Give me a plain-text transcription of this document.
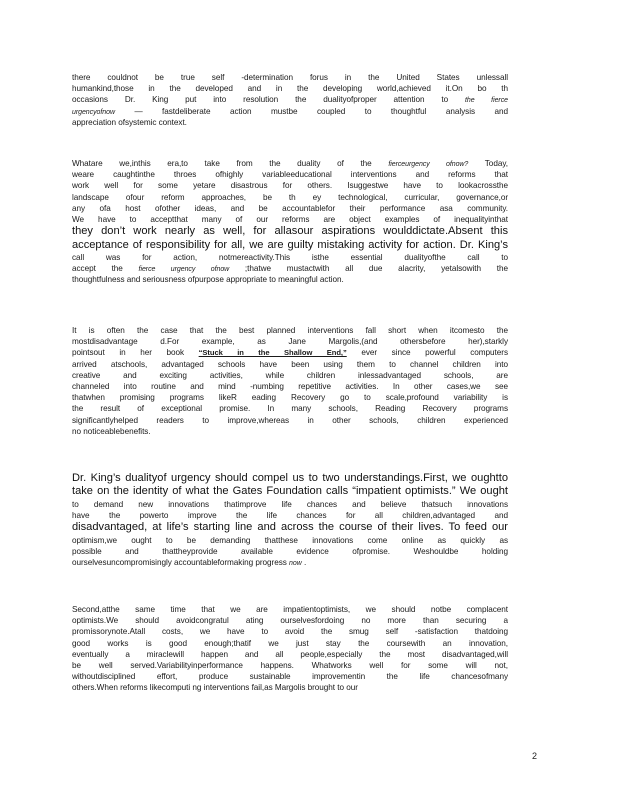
there couldnot be true self -determination forus in the United States unlessall
humankind,those in the developed and in the developing world,achieved it.On bo th
occasions Dr. King put into resolution the dualityofproper attention to the fierce
urgencyofnow — fastdeliberate action mustbe coupled to thoughtful analysis and
appreciation ofsystemic context.
Whatare we,inthis era,to take from the duality of the fierceurgency ofnow? Today,
weare caughtinthe throes ofhighly variableeducational interventions and reforms that
work well for some yetare disastrous for others. Isuggestwe have to lookacrossthe
landscape ofour reform approaches, be th ey technological, curricular, governance,or
any ofa host ofother ideas, and be accountablefor their performance asa community.
We have to acceptthat many of our reforms are object examples of inequalityinthat
they don’t work nearly as well, for allasour aspirations woulddictate.Absent this
acceptance of responsibility for all, we are guilty mistaking activity for action. Dr. King’s
call was for action, notmereactivity.This isthe essential dualityofthe call to
accept the fierce urgency ofnow ;thatwe mustactwith all due alacrity, yetalsowith the
thoughtfulness and seriousness ofpurpose appropriate to meaningful action.
It is often the case that the best planned interventions fall short when itcomesto the
mostdisadvantage d.For example, as Jane Margolis,(and othersbefore her),starkly
pointsout in her book “Stuck in the Shallow End,” ever since powerful computers
arrived atschools, advantaged schools have been using them to channel children into
creative and exciting activities, while children inlessadvantaged schools, are
channeled into routine and mind -numbing repetitive activities. In other cases,we see
thatwhen promising programs likeR eading Recovery go to scale,profound variability is
the result of exceptional promise. In many schools, Reading Recovery programs
significantlyhelped readers to improve,whereas in other schools, children experienced
no noticeablebenefits.
Dr. King’s dualityof urgency should compel us to two understandings.First, we oughtto
take on the identity of what the Gates Foundation calls “impatient optimists.” We ought
to demand new innovations thatimprove life chances and believe thatsuch innovations
have the powerto improve the life chances for all children,advantaged and
disadvantaged, at life’s starting line and across the course of their lives. To feed our
optimism,we ought to be demanding thatthese innovations come online as quickly as
possible and thattheyprovide available evidence ofpromise. Weshouldbe holding
ourselvesuncompromisingly accountableformaking progress now .
Second,atthe same time that we are impatientoptimists, we should notbe complacent
optimists.We should avoidcongratul ating ourselvesfordoing no more than securing a
promissorynote.Atall costs, we have to avoid the smug self -satisfaction thatdoing
good works is good enough;thatif we just stay the coursewith an innovation,
eventually a miraclewill happen and all people,especially the most disadvantaged,will
be well served.Variabilityinperformance happens. Whatworks well for some will not,
withoutdisciplined effort, produce sustainable improvementin the life chancesofmany
others.When reforms likecomputi ng interventions fail,as Margolis brought to our
2
